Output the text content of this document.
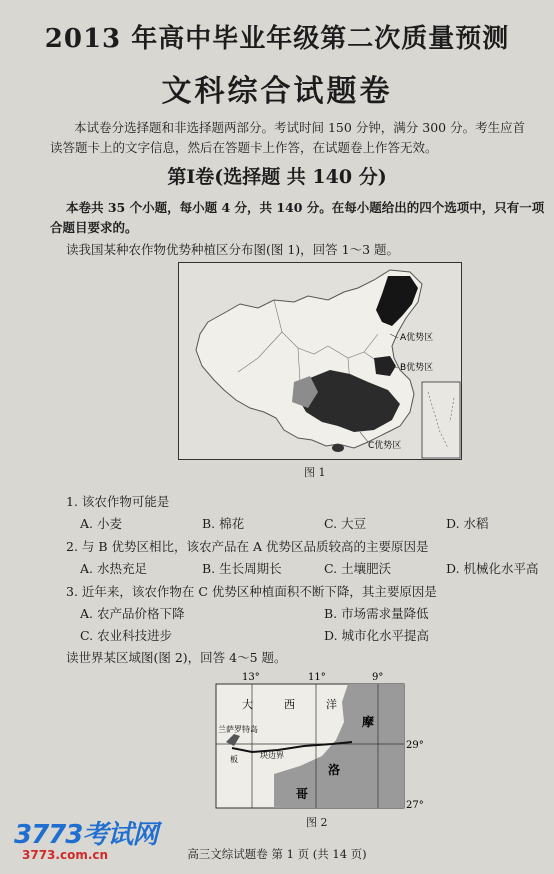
2013 年高中毕业年级第二次质量预测
文科综合试题卷

本试卷分选择题和非选择题两部分。考试时间 150 分钟，满分 300 分。考生应首

读答题卡上的文字信息，然后在答题卡上作答，在试题卷上作答无效。

第Ⅰ卷(选择题 共 140 分)

本卷共 35 个小题，每小题 4 分，共 140 分。在每小题给出的四个选项中，只有一项

合题目要求的。

读我国某种农作物优势种植区分布图(图 1)，回答 1～3 题。
A优势区
B优势区
C优势区
图 1
1. 该农作物可能是
A. 小麦	B. 棉花	C. 大豆	D. 水稻
2. 与 B 优势区相比，该农产品在 A 优势区品质较高的主要原因是
A. 水热充足	B. 生长周期长	C. 土壤肥沃	D. 机械化水平高
3. 近年来，该农作物在 C 优势区种植面积不断下降，其主要原因是
A. 农产品价格下降	B. 市场需求量降低
C. 农业科技进步	D. 城市化水平提高
读世界某区域图(图 2)，回答 4～5 题。
13°	11°	9°
大	西	洋
摩
洛
哥
兰萨罗特岛
板	块边界
29°
27°
图 2
高三文综试题卷 第 1 页 (共 14 页)
3773考试网
3773.com.cn
